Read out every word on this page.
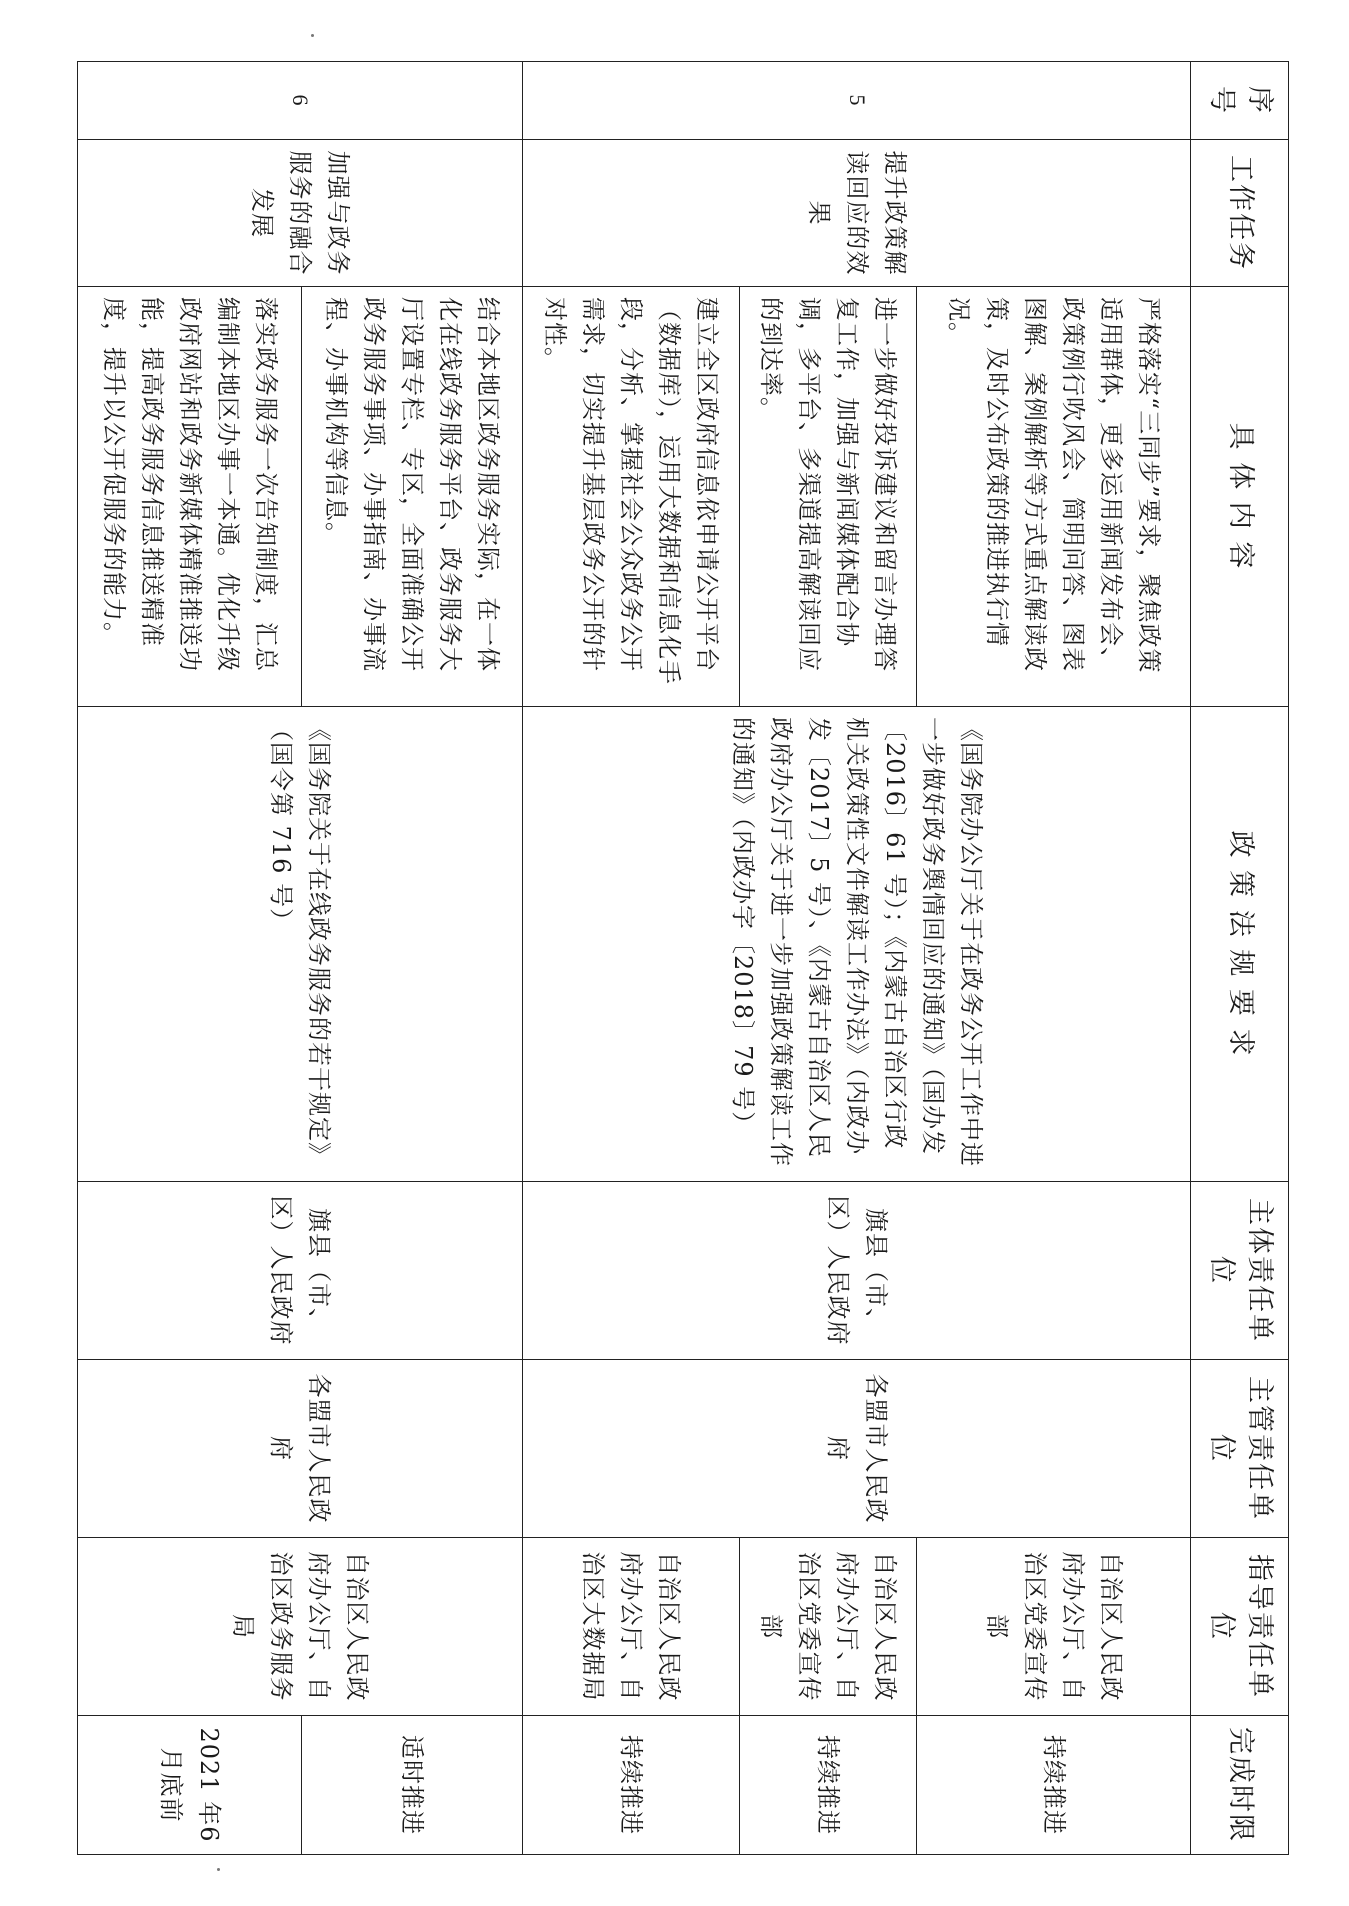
序号	工作任务	具 体 内 容	政 策 法 规 要 求	主体责任单 位	主管责任单 位	指导责任单 位	完成时限
5	提升政策解读回应的效果	严格落实“三同步”要求，聚焦政策适用群体，更多运用新闻发布会、政策例行吹风会、简明问答、图表图解、案例解析等方式重点解读政策，及时公布政策的推进执行情况。	《国务院办公厅关于在政务公开工作中进一步做好政务舆情回应的通知》（国办发〔2016〕61 号）；《内蒙古自治区行政机关政策性文件解读工作办法》（内政办发〔2017〕5 号）、《内蒙古自治区人民政府办公厅关于进一步加强政策解读工作的通知》（内政办字〔2018〕79 号）	旗县（市、区）人民政府	各盟市人民政府	自治区人民政府办公厅、自治区党委宣传部	持续推进
		进一步做好投诉建议和留言办理答复工作，加强与新闻媒体配合协调，多平台、多渠道提高解读回应的到达率。				自治区人民政府办公厅、自治区党委宣传部	持续推进
		建立全区政府信息依申请公开平台（数据库），运用大数据和信息化手段，分析、掌握社会公众政务公开需求，切实提升基层政务公开的针对性。				自治区人民政府办公厅、自治区大数据局	持续推进
6	加强与政务服务的融合发展	结合本地区政务服务实际，在一体化在线政务服务平台、政务服务大厅设置专栏、专区，全面准确公开政务服务事项、办事指南、办事流程、办事机构等信息。	《国务院关于在线政务服务的若干规定》（国令第 716 号）	旗县（市、区）人民政府	各盟市人民政府	自治区人民政府办公厅、自治区政务服务局	适时推进
		落实政务服务一次告知制度，汇总编制本地区办事一本通。优化升级政府网站和政务新媒体精准推送功能，提高政务服务信息推送精准度，提升以公开促服务的能力。					2021 年6 月底前
